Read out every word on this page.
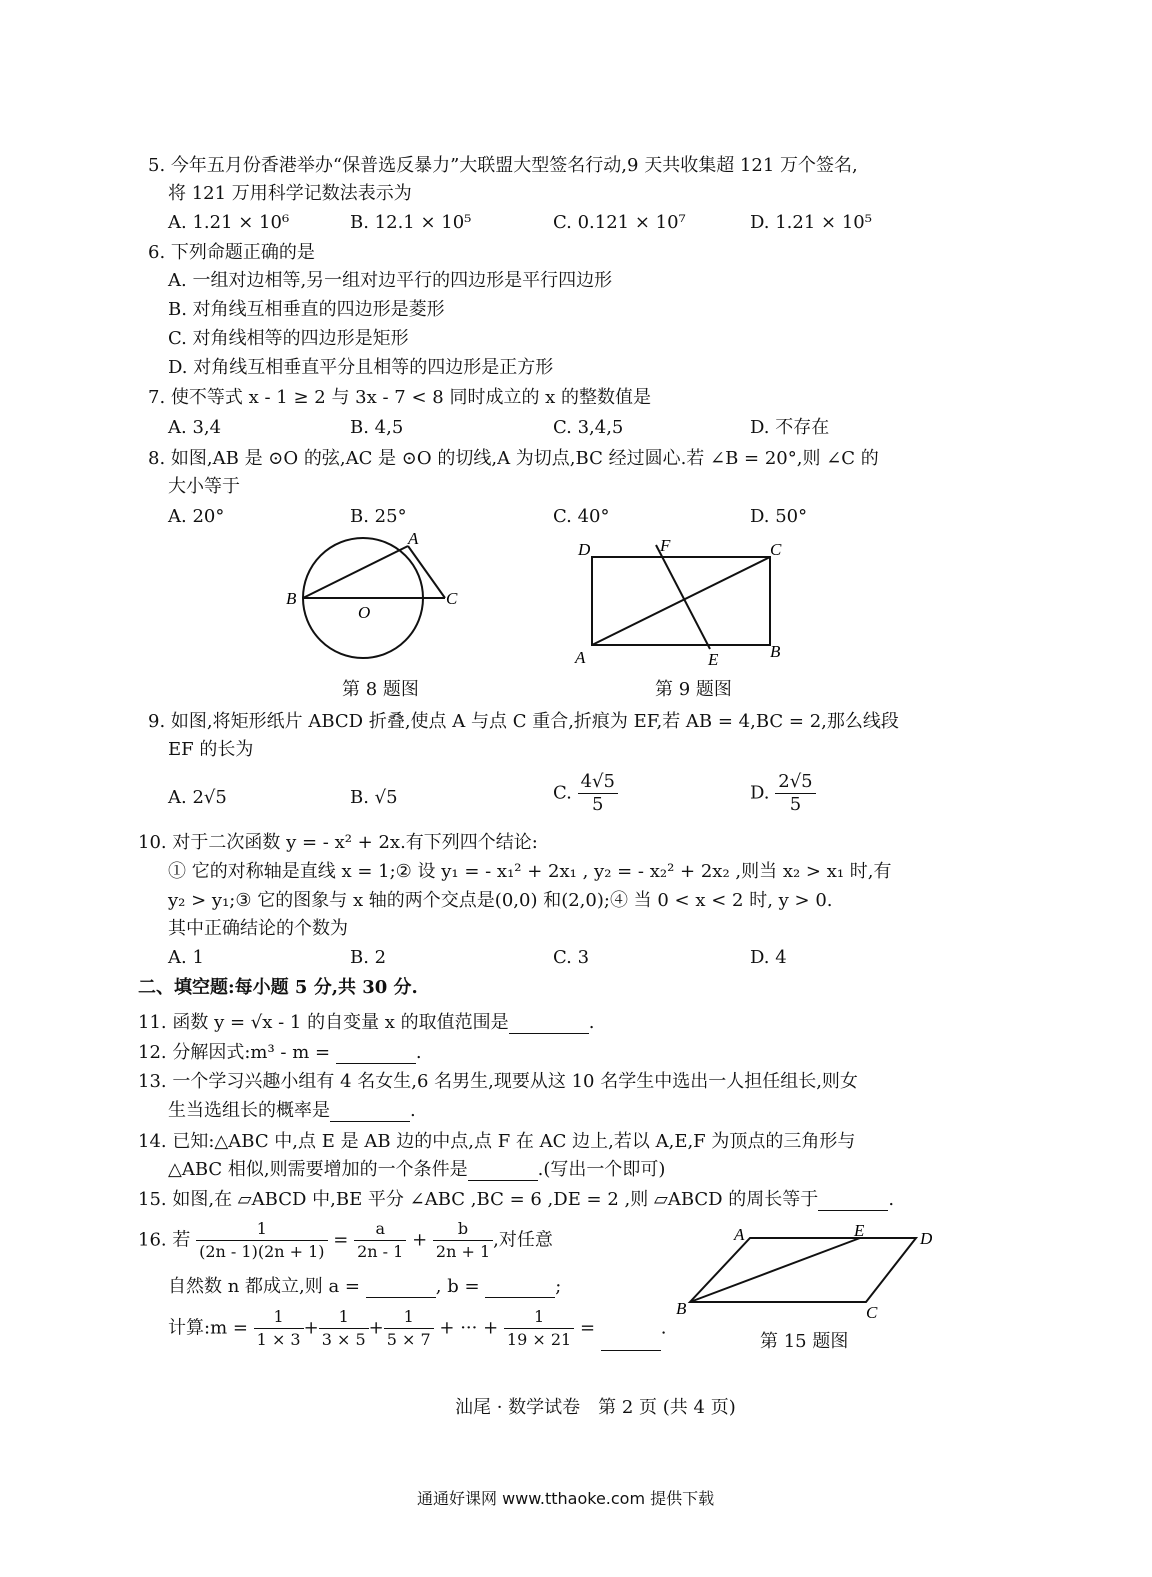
5. 今年五月份香港举办“保普选反暴力”大联盟大型签名行动,9 天共收集超 121 万个签名,
将 121 万用科学记数法表示为
A. 1.21 × 10⁶	B. 12.1 × 10⁵	C. 0.121 × 10⁷	D. 1.21 × 10⁵
6. 下列命题正确的是
A. 一组对边相等,另一组对边平行的四边形是平行四边形
B. 对角线互相垂直的四边形是菱形
C. 对角线相等的四边形是矩形
D. 对角线互相垂直平分且相等的四边形是正方形
7. 使不等式 x - 1 ≥ 2 与 3x - 7 < 8 同时成立的 x 的整数值是
A. 3,4	B. 4,5	C. 3,4,5	D. 不存在
8. 如图,AB 是 ⊙O 的弦,AC 是 ⊙O 的切线,A 为切点,BC 经过圆心.若 ∠B = 20°,则 ∠C 的
大小等于
A. 20°	B. 25°	C. 40°	D. 50°
A
B	C
O
第 8 题图
D	F	C
A	E	B
第 9 题图
9. 如图,将矩形纸片 ABCD 折叠,使点 A 与点 C 重合,折痕为 EF,若 AB = 4,BC = 2,那么线段
EF 的长为
A. 2√5	B. √5	C. $\frac{4√5}{5}$	D. $\frac{2√5}{5}$
10. 对于二次函数 y = - x² + 2x.有下列四个结论:
① 它的对称轴是直线 x = 1;② 设 y₁ = - x₁² + 2x₁ , y₂ = - x₂² + 2x₂ ,则当 x₂ > x₁ 时,有
y₂ > y₁;③ 它的图象与 x 轴的两个交点是(0,0) 和(2,0);④ 当 0 < x < 2 时, y > 0.
其中正确结论的个数为
A. 1	B. 2	C. 3	D. 4
二、填空题:每小题 5 分,共 30 分.
11. 函数 y = √x - 1 的自变量 x 的取值范围是	.
12. 分解因式:m³ - m =	.
13. 一个学习兴趣小组有 4 名女生,6 名男生,现要从这 10 名学生中选出一人担任组长,则女
生当选组长的概率是	.
14. 已知:△ABC 中,点 E 是 AB 边的中点,点 F 在 AC 边上,若以 A,E,F 为顶点的三角形与
△ABC 相似,则需要增加的一个条件是	.(写出一个即可)
15. 如图,在 ▱ABCD 中,BE 平分 ∠ABC ,BC = 6 ,DE = 2 ,则 ▱ABCD 的周长等于	.
16. 若 $\frac{1}{(2n - 1)(2n + 1)} = \frac{a}{2n - 1} + \frac{b}{2n + 1}$ ,对任意
自然数 n 都成立,则 a =	, b =	;
计算:m = $\frac{1}{1 \times 3} + \frac{1}{3 \times 5} + \frac{1}{5 \times 7}$ + ··· + $\frac{1}{19 \times 21}$ =	.
A	E	D
B	C
第 15 题图
汕尾 · 数学试卷　第 2 页 (共 4 页)
通通好课网 www.tthaoke.com 提供下载
